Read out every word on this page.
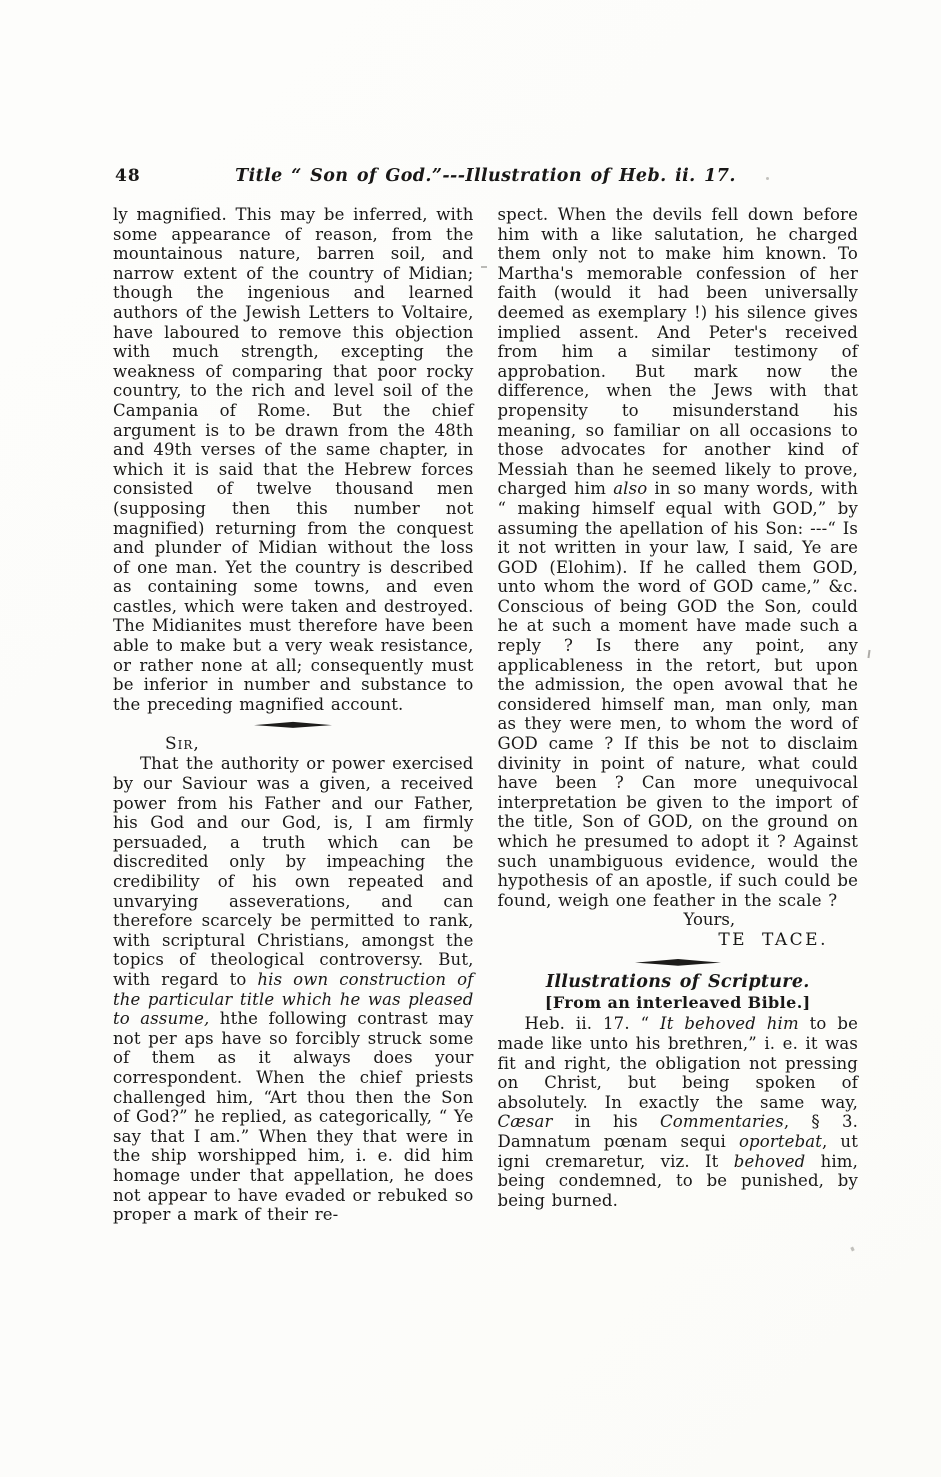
48	Title “ Son of God.”---Illustration of Heb. ii. 17.

ly magnified. This may be inferred, with some appearance of reason, from the mountainous nature, barren soil, and narrow extent of the country of Midian; though the ingenious and learned authors of the Jewish Letters to Voltaire, have laboured to remove this objection with much strength, excepting the weakness of comparing that poor rocky country, to the rich and level soil of the Campania of Rome. But the chief argument is to be drawn from the 48th and 49th verses of the same chapter, in which it is said that the Hebrew forces consisted of twelve thousand men (supposing then this number not magnified) returning from the conquest and plunder of Midian without the loss of one man. Yet the country is described as containing some towns, and even castles, which were taken and destroyed. The Midianites must therefore have been able to make but a very weak resistance, or rather none at all; consequently must be inferior in number and substance to the preceding magnified account.

Sir,

That the authority or power exercised by our Saviour was a given, a received power from his Father and our Father, his God and our God, is, I am firmly persuaded, a truth which can be discredited only by impeaching the credibility of his own repeated and unvarying asseverations, and can therefore scarcely be permitted to rank, with scriptural Christians, amongst the topics of theological controversy. But, with regard to his own construction of the particular title which he was pleased to assume, hthe following contrast may not per aps have so forcibly struck some of them as it always does your correspondent. When the chief priests challenged him, “Art thou then the Son of God?” he replied, as categorically, “ Ye say that I am.” When they that were in the ship worshipped him, i. e. did him homage under that appellation, he does not appear to have evaded or rebuked so proper a mark of their re-

spect. When the devils fell down before him with a like salutation, he charged them only not to make him known. To Martha's memorable confession of her faith (would it had been universally deemed as exemplary !) his silence gives implied assent. And Peter's received from him a similar testimony of approbation. But mark now the difference, when the Jews with that propensity to misunderstand his meaning, so familiar on all occasions to those advocates for another kind of Messiah than he seemed likely to prove, charged him also in so many words, with “ making himself equal with GOD,” by assuming the apellation of his Son: ---“ Is it not written in your law, I said, Ye are GOD (Elohim). If he called them GOD, unto whom the word of GOD came,” &c. Conscious of being GOD the Son, could he at such a moment have made such a reply ? Is there any point, any applicableness in the retort, but upon the admission, the open avowal that he considered himself man, man only, man as they were men, to whom the word of GOD came ? If this be not to disclaim divinity in point of nature, what could have been ? Can more unequivocal interpretation be given to the import of the title, Son of GOD, on the ground on which he presumed to adopt it ? Against such unambiguous evidence, would the hypothesis of an apostle, if such could be found, weigh one feather in the scale ?

Yours,
TE TACE.
Illustrations of Scripture.
[From an interleaved Bible.]

Heb. ii. 17. “ It behoved him to be made like unto his brethren,” i. e. it was fit and right, the obligation not pressing on Christ, but being spoken of absolutely. In exactly the same way, Cæsar in his Commentaries, § 3. Damnatum pœnam sequi oportebat, ut igni cremaretur, viz. It behoved him, being condemned, to be punished, by being burned.
